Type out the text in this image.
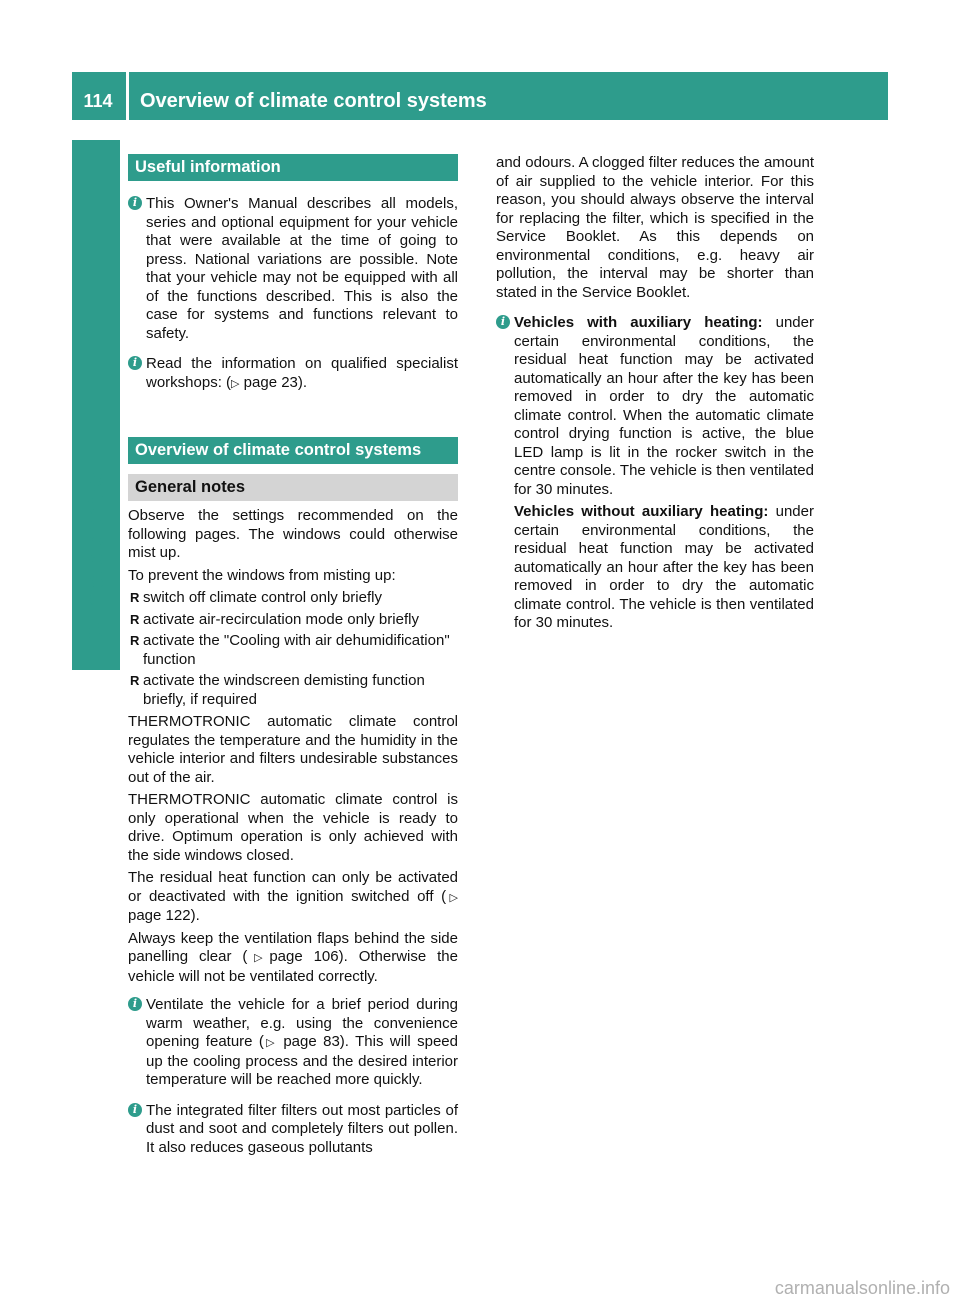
114	Overview of climate control systems
Climate control
Useful information
i This Owner's Manual describes all models, series and optional equipment for your vehicle that were available at the time of going to press. National variations are possible. Note that your vehicle may not be equipped with all of the functions described. This is also the case for systems and functions relevant to safety.
i Read the information on qualified specialist workshops: (▷ page 23).
Overview of climate control systems
General notes

Observe the settings recommended on the following pages. The windows could otherwise mist up.

To prevent the windows from misting up:

R switch off climate control only briefly
R activate air-recirculation mode only briefly
R activate the "Cooling with air dehumidification" function
R activate the windscreen demisting function briefly, if required

THERMOTRONIC automatic climate control regulates the temperature and the humidity in the vehicle interior and filters undesirable substances out of the air.

THERMOTRONIC automatic climate control is only operational when the vehicle is ready to drive. Optimum operation is only achieved with the side windows closed.

The residual heat function can only be activated or deactivated with the ignition switched off (▷ page 122).

Always keep the ventilation flaps behind the side panelling clear (▷page 106). Otherwise the vehicle will not be ventilated correctly.

i Ventilate the vehicle for a brief period during warm weather, e.g. using the convenience opening feature (▷ page 83). This will speed up the cooling process and the desired interior temperature will be reached more quickly.
i The integrated filter filters out most particles of dust and soot and completely filters out pollen. It also reduces gaseous pollutants

and odours. A clogged filter reduces the amount of air supplied to the vehicle interior. For this reason, you should always observe the interval for replacing the filter, which is specified in the Service Booklet. As this depends on environmental conditions, e.g. heavy air pollution, the interval may be shorter than stated in the Service Booklet.

i Vehicles with auxiliary heating: under certain environmental conditions, the residual heat function may be activated automatically an hour after the key has been removed in order to dry the automatic climate control. When the automatic climate control drying function is active, the blue LED lamp is lit in the rocker switch in the centre console. The vehicle is then ventilated for 30 minutes.
Vehicles without auxiliary heating: under certain environmental conditions, the residual heat function may be activated automatically an hour after the key has been removed in order to dry the automatic climate control. The vehicle is then ventilated for 30 minutes.
carmanualsonline.info
